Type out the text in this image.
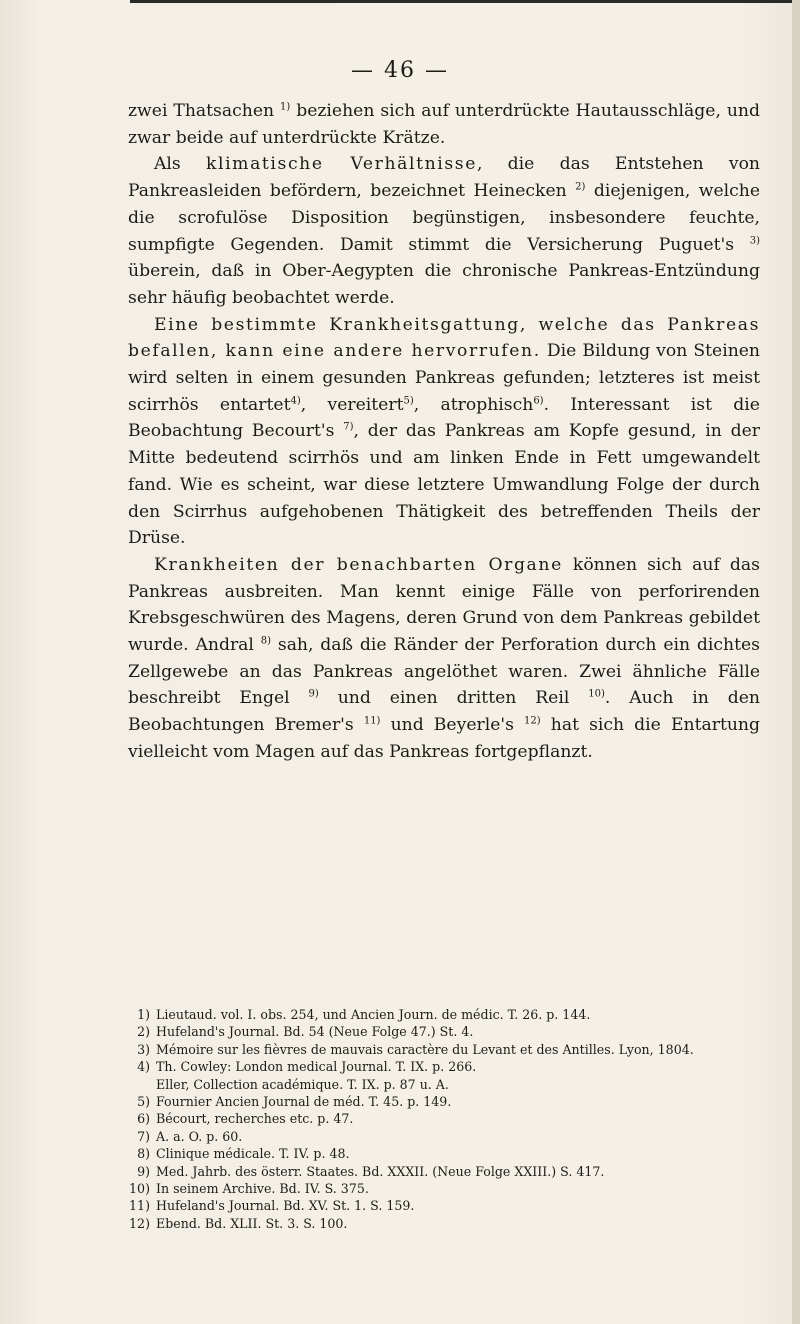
— 46 —

zwei Thatsachen $^{1)}$ beziehen sich auf unterdrückte Hautausschläge, und zwar beide auf unterdrückte Krätze.

Als klimatische Verhältnisse, die das Entstehen von Pankreasleiden befördern, bezeichnet Heinecken $^{2)}$ diejenigen, welche die scrofulöse Disposition begünstigen, insbesondere feuchte, sumpfigte Gegenden. Damit stimmt die Versicherung Puguet's $^{3)}$ überein, daß in Ober-Aegypten die chronische Pankreas-Entzündung sehr häufig beobachtet werde.

Eine bestimmte Krankheitsgattung, welche das Pankreas befallen, kann eine andere hervorrufen. Die Bildung von Steinen wird selten in einem gesunden Pankreas gefunden; letzteres ist meist scirrhös entartet$^{4)}$, vereitert$^{5)}$, atrophisch$^{6)}$. Interessant ist die Beobachtung Becourt's $^{7)}$, der das Pankreas am Kopfe gesund, in der Mitte bedeutend scirrhös und am linken Ende in Fett umgewandelt fand. Wie es scheint, war diese letztere Umwandlung Folge der durch den Scirrhus aufgehobenen Thätigkeit des betreffenden Theils der Drüse.

Krankheiten der benachbarten Organe können sich auf das Pankreas ausbreiten. Man kennt einige Fälle von perforirenden Krebsgeschwüren des Magens, deren Grund von dem Pankreas gebildet wurde. Andral $^{8)}$ sah, daß die Ränder der Perforation durch ein dichtes Zellgewebe an das Pankreas angelöthet waren. Zwei ähnliche Fälle beschreibt Engel $^{9)}$ und einen dritten Reil $^{10)}$. Auch in den Beobachtungen Bremer's $^{11)}$ und Beyerle's $^{12)}$ hat sich die Entartung vielleicht vom Magen auf das Pankreas fortgepflanzt.

1) Lieutaud. vol. I. obs. 254, und Ancien Journ. de médic. T. 26. p. 144.
2) Hufeland's Journal. Bd. 54 (Neue Folge 47.) St. 4.
3) Mémoire sur les fièvres de mauvais caractère du Levant et des Antilles. Lyon, 1804.
4) Th. Cowley: London medical Journal. T. IX. p. 266.
Eller, Collection académique. T. IX. p. 87 u. A.
5) Fournier Ancien Journal de méd. T. 45. p. 149.
6) Bécourt, recherches etc. p. 47.
7) A. a. O. p. 60.
8) Clinique médicale. T. IV. p. 48.
9) Med. Jahrb. des österr. Staates. Bd. XXXII. (Neue Folge XXIII.) S. 417.
10) In seinem Archive. Bd. IV. S. 375.
11) Hufeland's Journal. Bd. XV. St. 1. S. 159.
12) Ebend. Bd. XLII. St. 3. S. 100.
